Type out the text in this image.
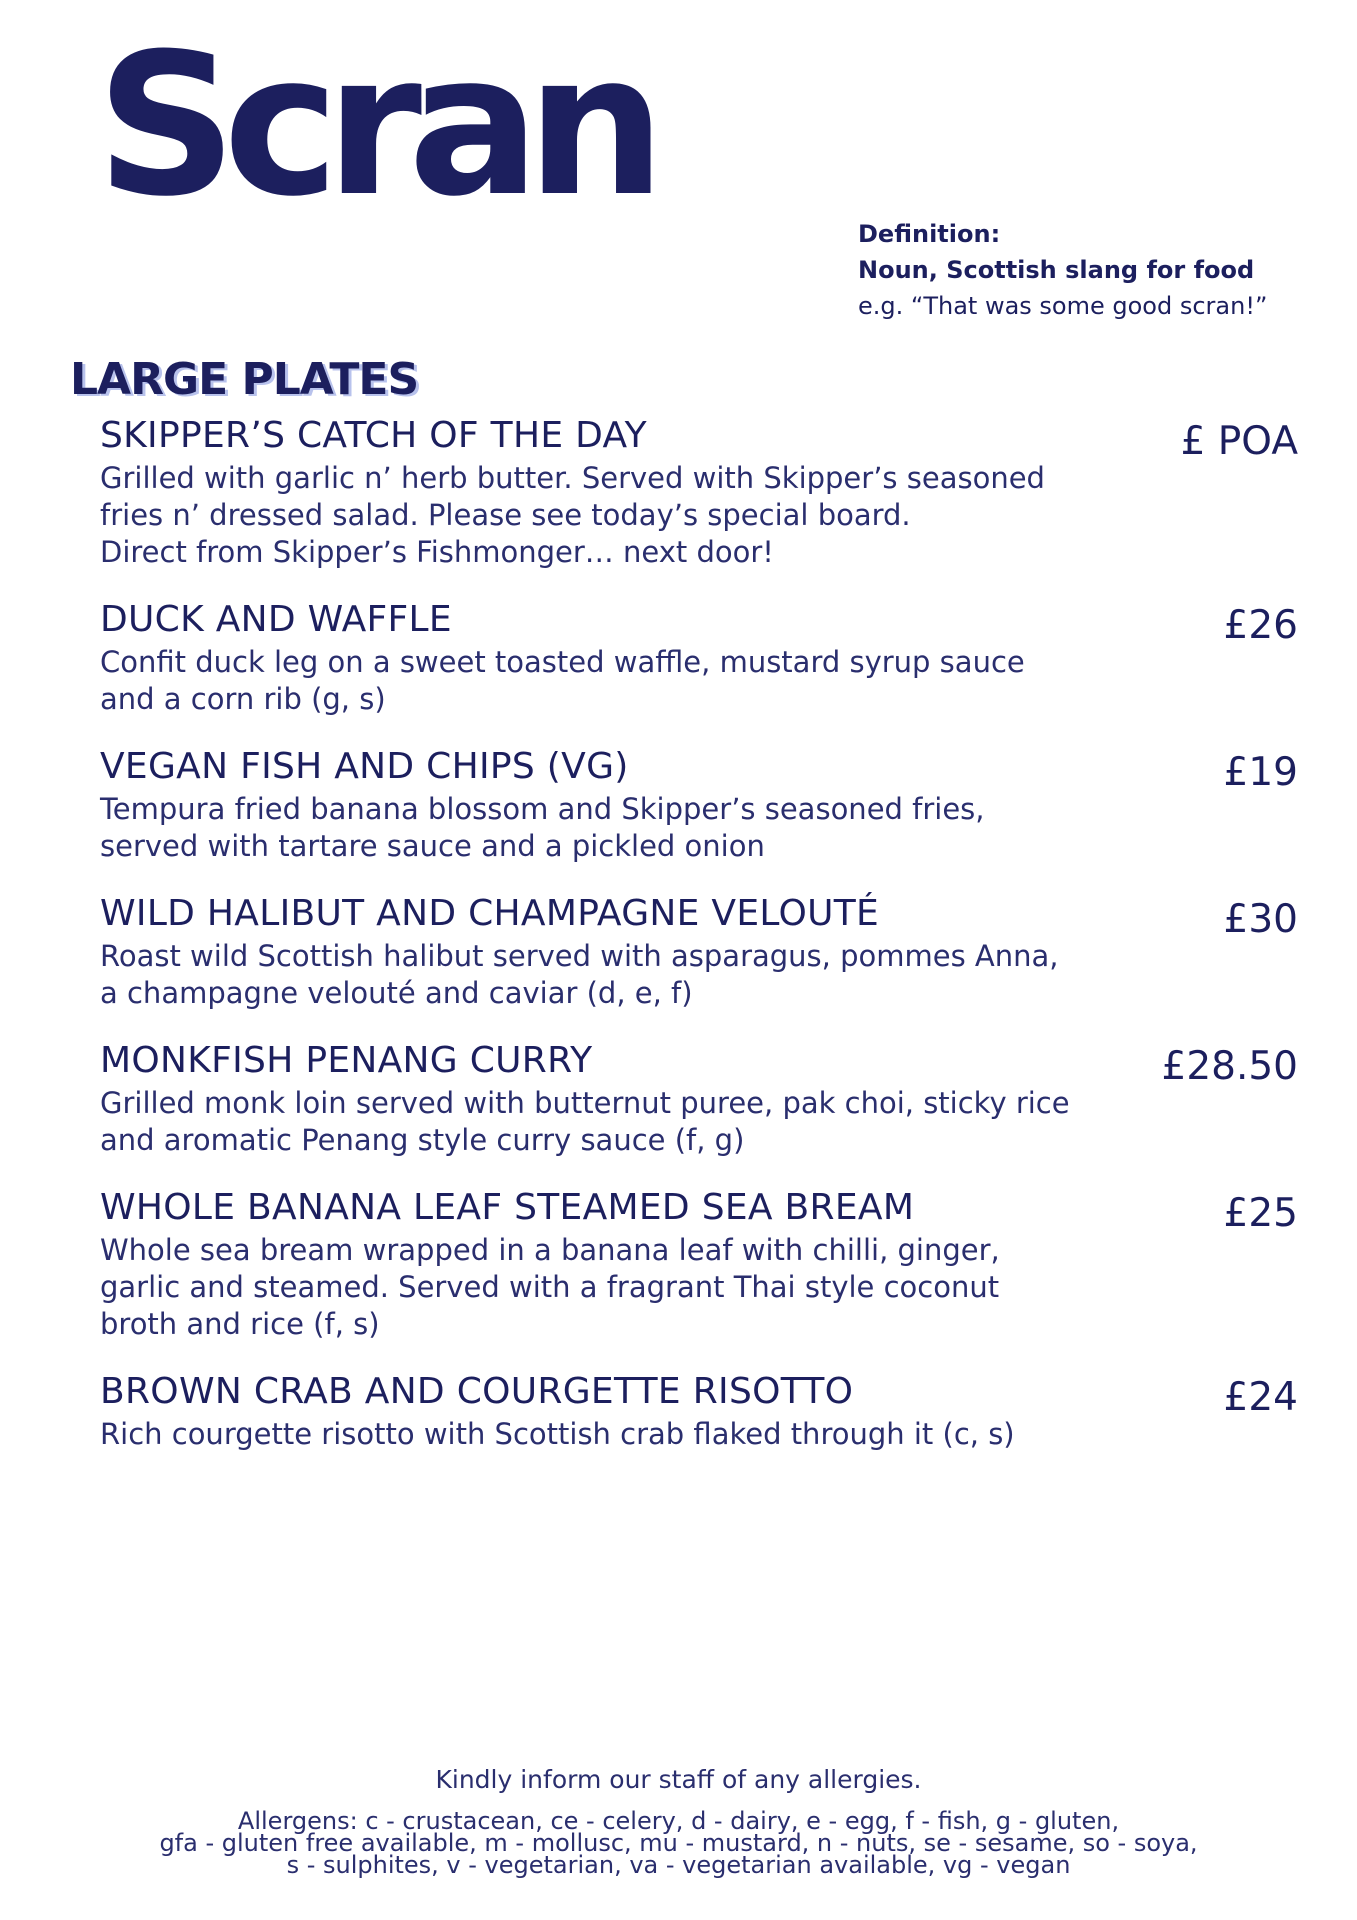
Scran	Definition:
Noun, Scottish slang for food
e.g. “That was some good scran!”
LARGE PLATES
SKIPPER’S CATCH OF THE DAY
Grilled with garlic n’ herb butter. Served with Skipper’s seasoned
fries n’ dressed salad. Please see today’s special board.
Direct from Skipper’s Fishmonger… next door!
£ POA
DUCK AND WAFFLE
Confit duck leg on a sweet toasted waffle, mustard syrup sauce
and a corn rib (g, s)
£26
VEGAN FISH AND CHIPS (VG)
Tempura fried banana blossom and Skipper’s seasoned fries,
served with tartare sauce and a pickled onion
£19
WILD HALIBUT AND CHAMPAGNE VELOUTÉ
Roast wild Scottish halibut served with asparagus, pommes Anna,
a champagne velouté and caviar (d, e, f)
£30
MONKFISH PENANG CURRY
Grilled monk loin served with butternut puree, pak choi, sticky rice
and aromatic Penang style curry sauce (f, g)
£28.50
WHOLE BANANA LEAF STEAMED SEA BREAM
Whole sea bream wrapped in a banana leaf with chilli, ginger,
garlic and steamed. Served with a fragrant Thai style coconut
broth and rice (f, s)
£25
BROWN CRAB AND COURGETTE RISOTTO
Rich courgette risotto with Scottish crab flaked through it (c, s)
£24
Kindly inform our staff of any allergies.
Allergens: c - crustacean, ce - celery, d - dairy, e - egg, f - fish, g - gluten,
gfa - gluten free available, m - mollusc, mu - mustard, n - nuts, se - sesame, so - soya,
s - sulphites, v - vegetarian, va - vegetarian available, vg - vegan
